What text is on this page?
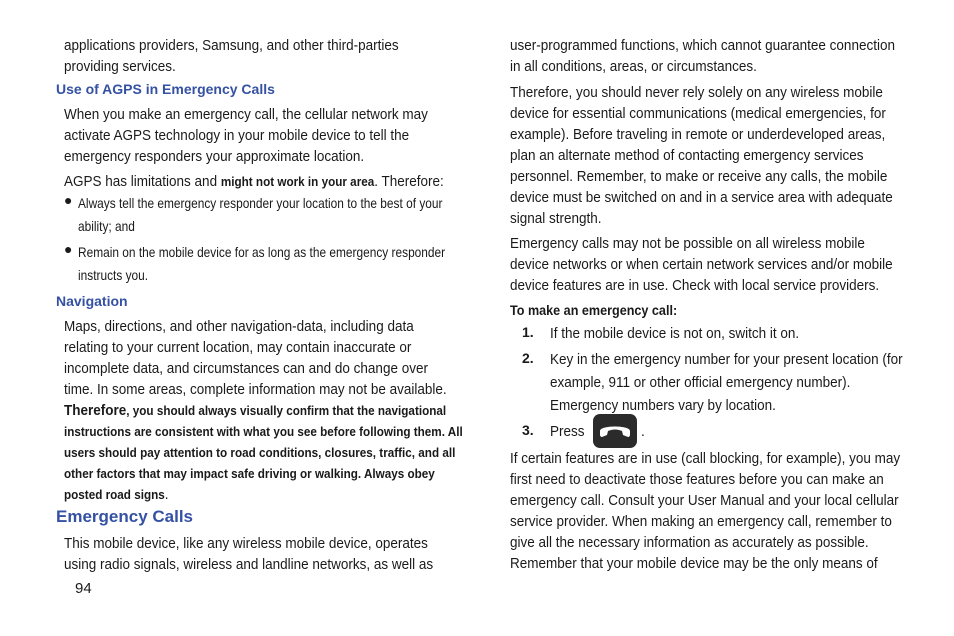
applications providers, Samsung, and other third-parties
providing services.
Use of AGPS in Emergency Calls
When you make an emergency call, the cellular network may
activate AGPS technology in your mobile device to tell the
emergency responders your approximate location.
AGPS has limitations and might not work in your area. Therefore:
● Always tell the emergency responder your location to the best of your
ability; and
● Remain on the mobile device for as long as the emergency responder
instructs you.
Navigation
Maps, directions, and other navigation-data, including data
relating to your current location, may contain inaccurate or
incomplete data, and circumstances can and do change over
time. In some areas, complete information may not be available.
Therefore, you should always visually confirm that the navigational
instructions are consistent with what you see before following them. All
users should pay attention to road conditions, closures, traffic, and all
other factors that may impact safe driving or walking. Always obey
posted road signs.
Emergency Calls
This mobile device, like any wireless mobile device, operates
using radio signals, wireless and landline networks, as well as
94
user-programmed functions, which cannot guarantee connection
in all conditions, areas, or circumstances.
Therefore, you should never rely solely on any wireless mobile
device for essential communications (medical emergencies, for
example). Before traveling in remote or underdeveloped areas,
plan an alternate method of contacting emergency services
personnel. Remember, to make or receive any calls, the mobile
device must be switched on and in a service area with adequate
signal strength.
Emergency calls may not be possible on all wireless mobile
device networks or when certain network services and/or mobile
device features are in use. Check with local service providers.
To make an emergency call:
1. If the mobile device is not on, switch it on.
2. Key in the emergency number for your present location (for
example, 911 or other official emergency number).
Emergency numbers vary by location.
3. Press	.
If certain features are in use (call blocking, for example), you may
first need to deactivate those features before you can make an
emergency call. Consult your User Manual and your local cellular
service provider. When making an emergency call, remember to
give all the necessary information as accurately as possible.
Remember that your mobile device may be the only means of
